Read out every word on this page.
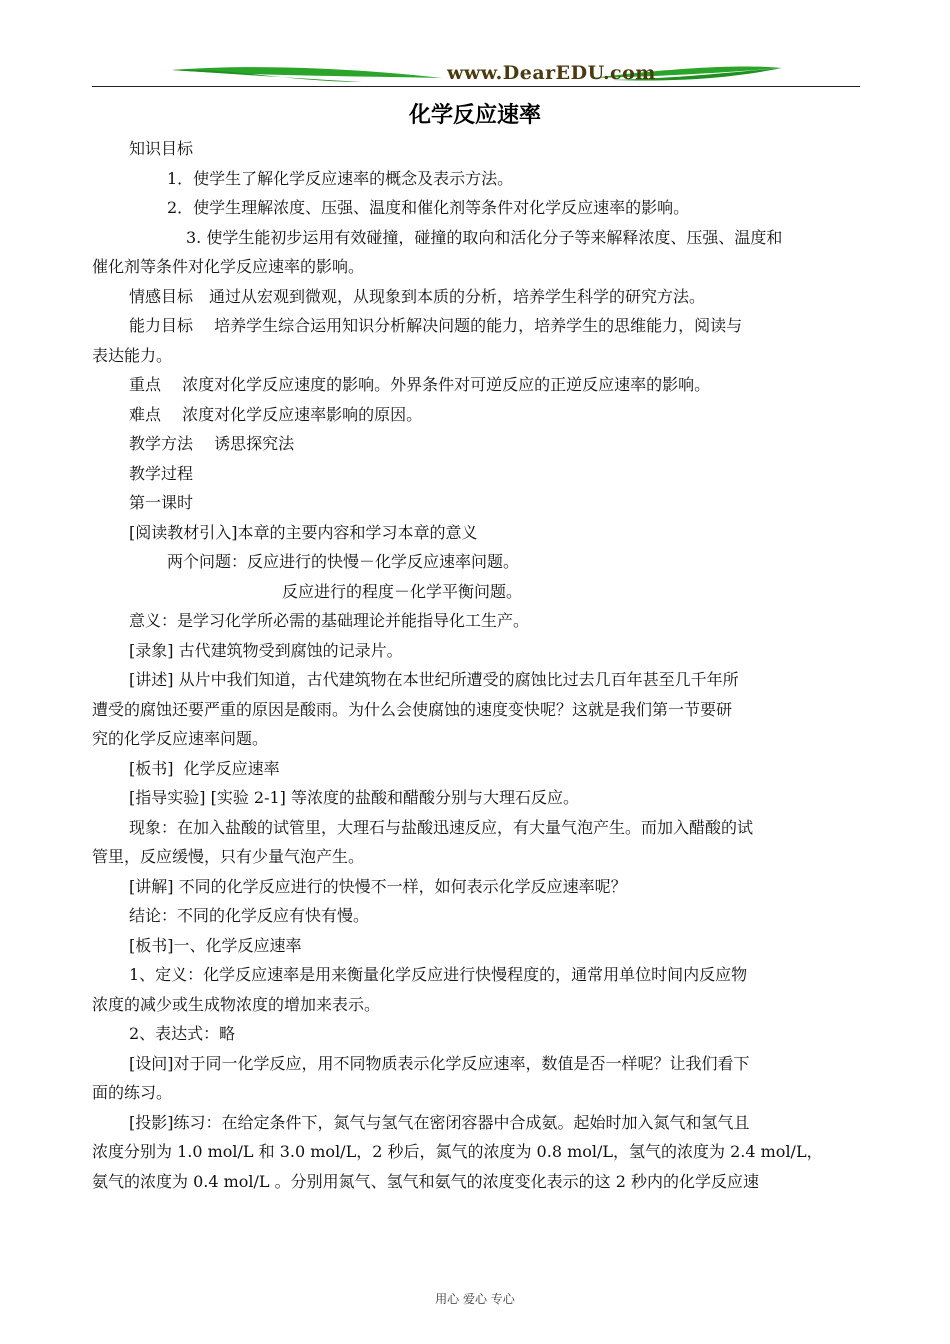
www.DearEDU.com
化学反应速率

知识目标

1．使学生了解化学反应速率的概念及表示方法。

2．使学生理解浓度、压强、温度和催化剂等条件对化学反应速率的影响。

3. 使学生能初步运用有效碰撞，碰撞的取向和活化分子等来解释浓度、压强、温度和

催化剂等条件对化学反应速率的影响。

情感目标　通过从宏观到微观，从现象到本质的分析，培养学生科学的研究方法。

能力目标　 培养学生综合运用知识分析解决问题的能力，培养学生的思维能力，阅读与

表达能力。

重点　 浓度对化学反应速度的影响。外界条件对可逆反应的正逆反应速率的影响。

难点　 浓度对化学反应速率影响的原因。

教学方法　 诱思探究法

教学过程

第一课时

[阅读教材引入]本章的主要内容和学习本章的意义

两个问题：反应进行的快慢－化学反应速率问题。

反应进行的程度－化学平衡问题。

意义：是学习化学所必需的基础理论并能指导化工生产。

[录象] 古代建筑物受到腐蚀的记录片。

[讲述] 从片中我们知道，古代建筑物在本世纪所遭受的腐蚀比过去几百年甚至几千年所

遭受的腐蚀还要严重的原因是酸雨。为什么会使腐蚀的速度变快呢？这就是我们第一节要研

究的化学反应速率问题。

[板书]  化学反应速率

[指导实验] [实验 2-1] 等浓度的盐酸和醋酸分别与大理石反应。

现象：在加入盐酸的试管里，大理石与盐酸迅速反应，有大量气泡产生。而加入醋酸的试

管里，反应缓慢，只有少量气泡产生。

[讲解] 不同的化学反应进行的快慢不一样，如何表示化学反应速率呢？

结论：不同的化学反应有快有慢。

[板书]一、化学反应速率

1、定义：化学反应速率是用来衡量化学反应进行快慢程度的，通常用单位时间内反应物

浓度的减少或生成物浓度的增加来表示。

2、表达式：略

[设问]对于同一化学反应，用不同物质表示化学反应速率，数值是否一样呢？让我们看下

面的练习。

[投影]练习：在给定条件下，氮气与氢气在密闭容器中合成氨。起始时加入氮气和氢气且

浓度分别为 1.0 mol/L 和 3.0 mol/L，2 秒后，氮气的浓度为 0.8 mol/L，氢气的浓度为 2.4 mol/L，

氨气的浓度为 0.4 mol/L 。分别用氮气、氢气和氨气的浓度变化表示的这 2 秒内的化学反应速

用心 爱心 专心
